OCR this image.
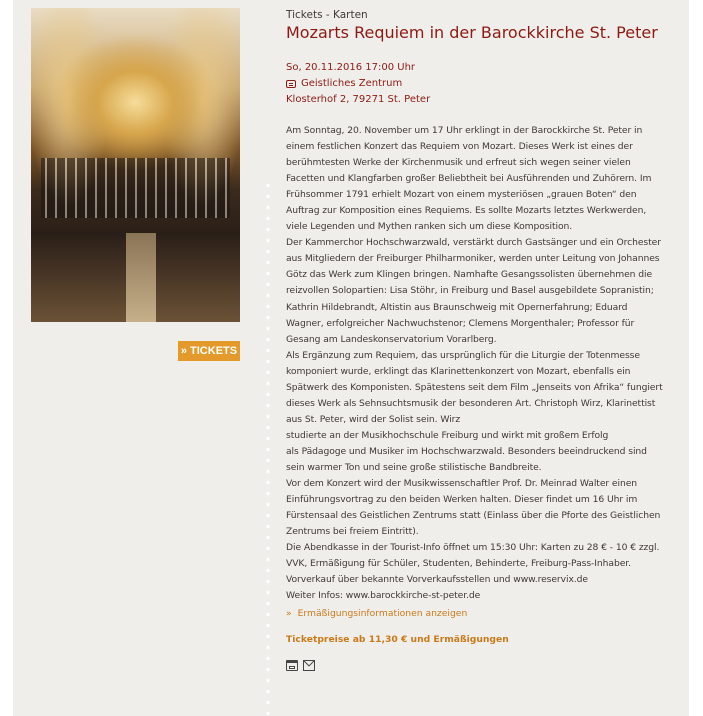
» TICKETS

Tickets - Karten

Mozarts Requiem in der Barockkirche St. Peter
So, 20.11.2016 17:00 Uhr
Geistliches Zentrum
Klosterhof 2, 79271 St. Peter

Am Sonntag, 20. November um 17 Uhr erklingt in der Barockkirche St. Peter in einem festlichen Konzert das Requiem von Mozart. Dieses Werk ist eines der berühmtesten Werke der Kirchenmusik und erfreut sich wegen seiner vielen Facetten und Klangfarben großer Beliebtheit bei Ausführenden und Zuhörern. Im Frühsommer 1791 erhielt Mozart von einem mysteriösen „grauen Boten“ den Auftrag zur Komposition eines Requiems. Es sollte Mozarts letztes Werkwerden, viele Legenden und Mythen ranken sich um diese Komposition.

Der Kammerchor Hochschwarzwald, verstärkt durch Gastsänger und ein Orchester aus Mitgliedern der Freiburger Philharmoniker, werden unter Leitung von Johannes Götz das Werk zum Klingen bringen. Namhafte Gesangssolisten übernehmen die reizvollen Solopartien: Lisa Stöhr, in Freiburg und Basel ausgebildete Sopranistin; Kathrin Hildebrandt, Altistin aus Braunschweig mit Opernerfahrung; Eduard Wagner, erfolgreicher Nachwuchstenor; Clemens Morgenthaler; Professor für Gesang am Landeskonservatorium Vorarlberg.

Als Ergänzung zum Requiem, das ursprünglich für die Liturgie der Totenmesse komponiert wurde, erklingt das Klarinettenkonzert von Mozart, ebenfalls ein Spätwerk des Komponisten. Spätestens seit dem Film „Jenseits von Afrika“ fungiert dieses Werk als Sehnsuchtsmusik der besonderen Art. Christoph Wirz, Klarinettist aus St. Peter, wird der Solist sein. Wirz

studierte an der Musikhochschule Freiburg und wirkt mit großem Erfolg

als Pädagoge und Musiker im Hochschwarzwald. Besonders beeindruckend sind sein warmer Ton und seine große stilistische Bandbreite.

Vor dem Konzert wird der Musikwissenschaftler Prof. Dr. Meinrad Walter einen Einführungsvortrag zu den beiden Werken halten. Dieser findet um 16 Uhr im Fürstensaal des Geistlichen Zentrums statt (Einlass über die Pforte des Geistlichen Zentrums bei freiem Eintritt).

Die Abendkasse in der Tourist-Info öffnet um 15:30 Uhr: Karten zu 28 € - 10 € zzgl. VVK, Ermäßigung für Schüler, Studenten, Behinderte, Freiburg-Pass-Inhaber. Vorverkauf über bekannte Vorverkaufsstellen und www.reservix.de

Weiter Infos: www.barockkirche-st-peter.de

» Ermäßigungsinformationen anzeigen
Ticketpreise ab 11,30 € und Ermäßigungen
